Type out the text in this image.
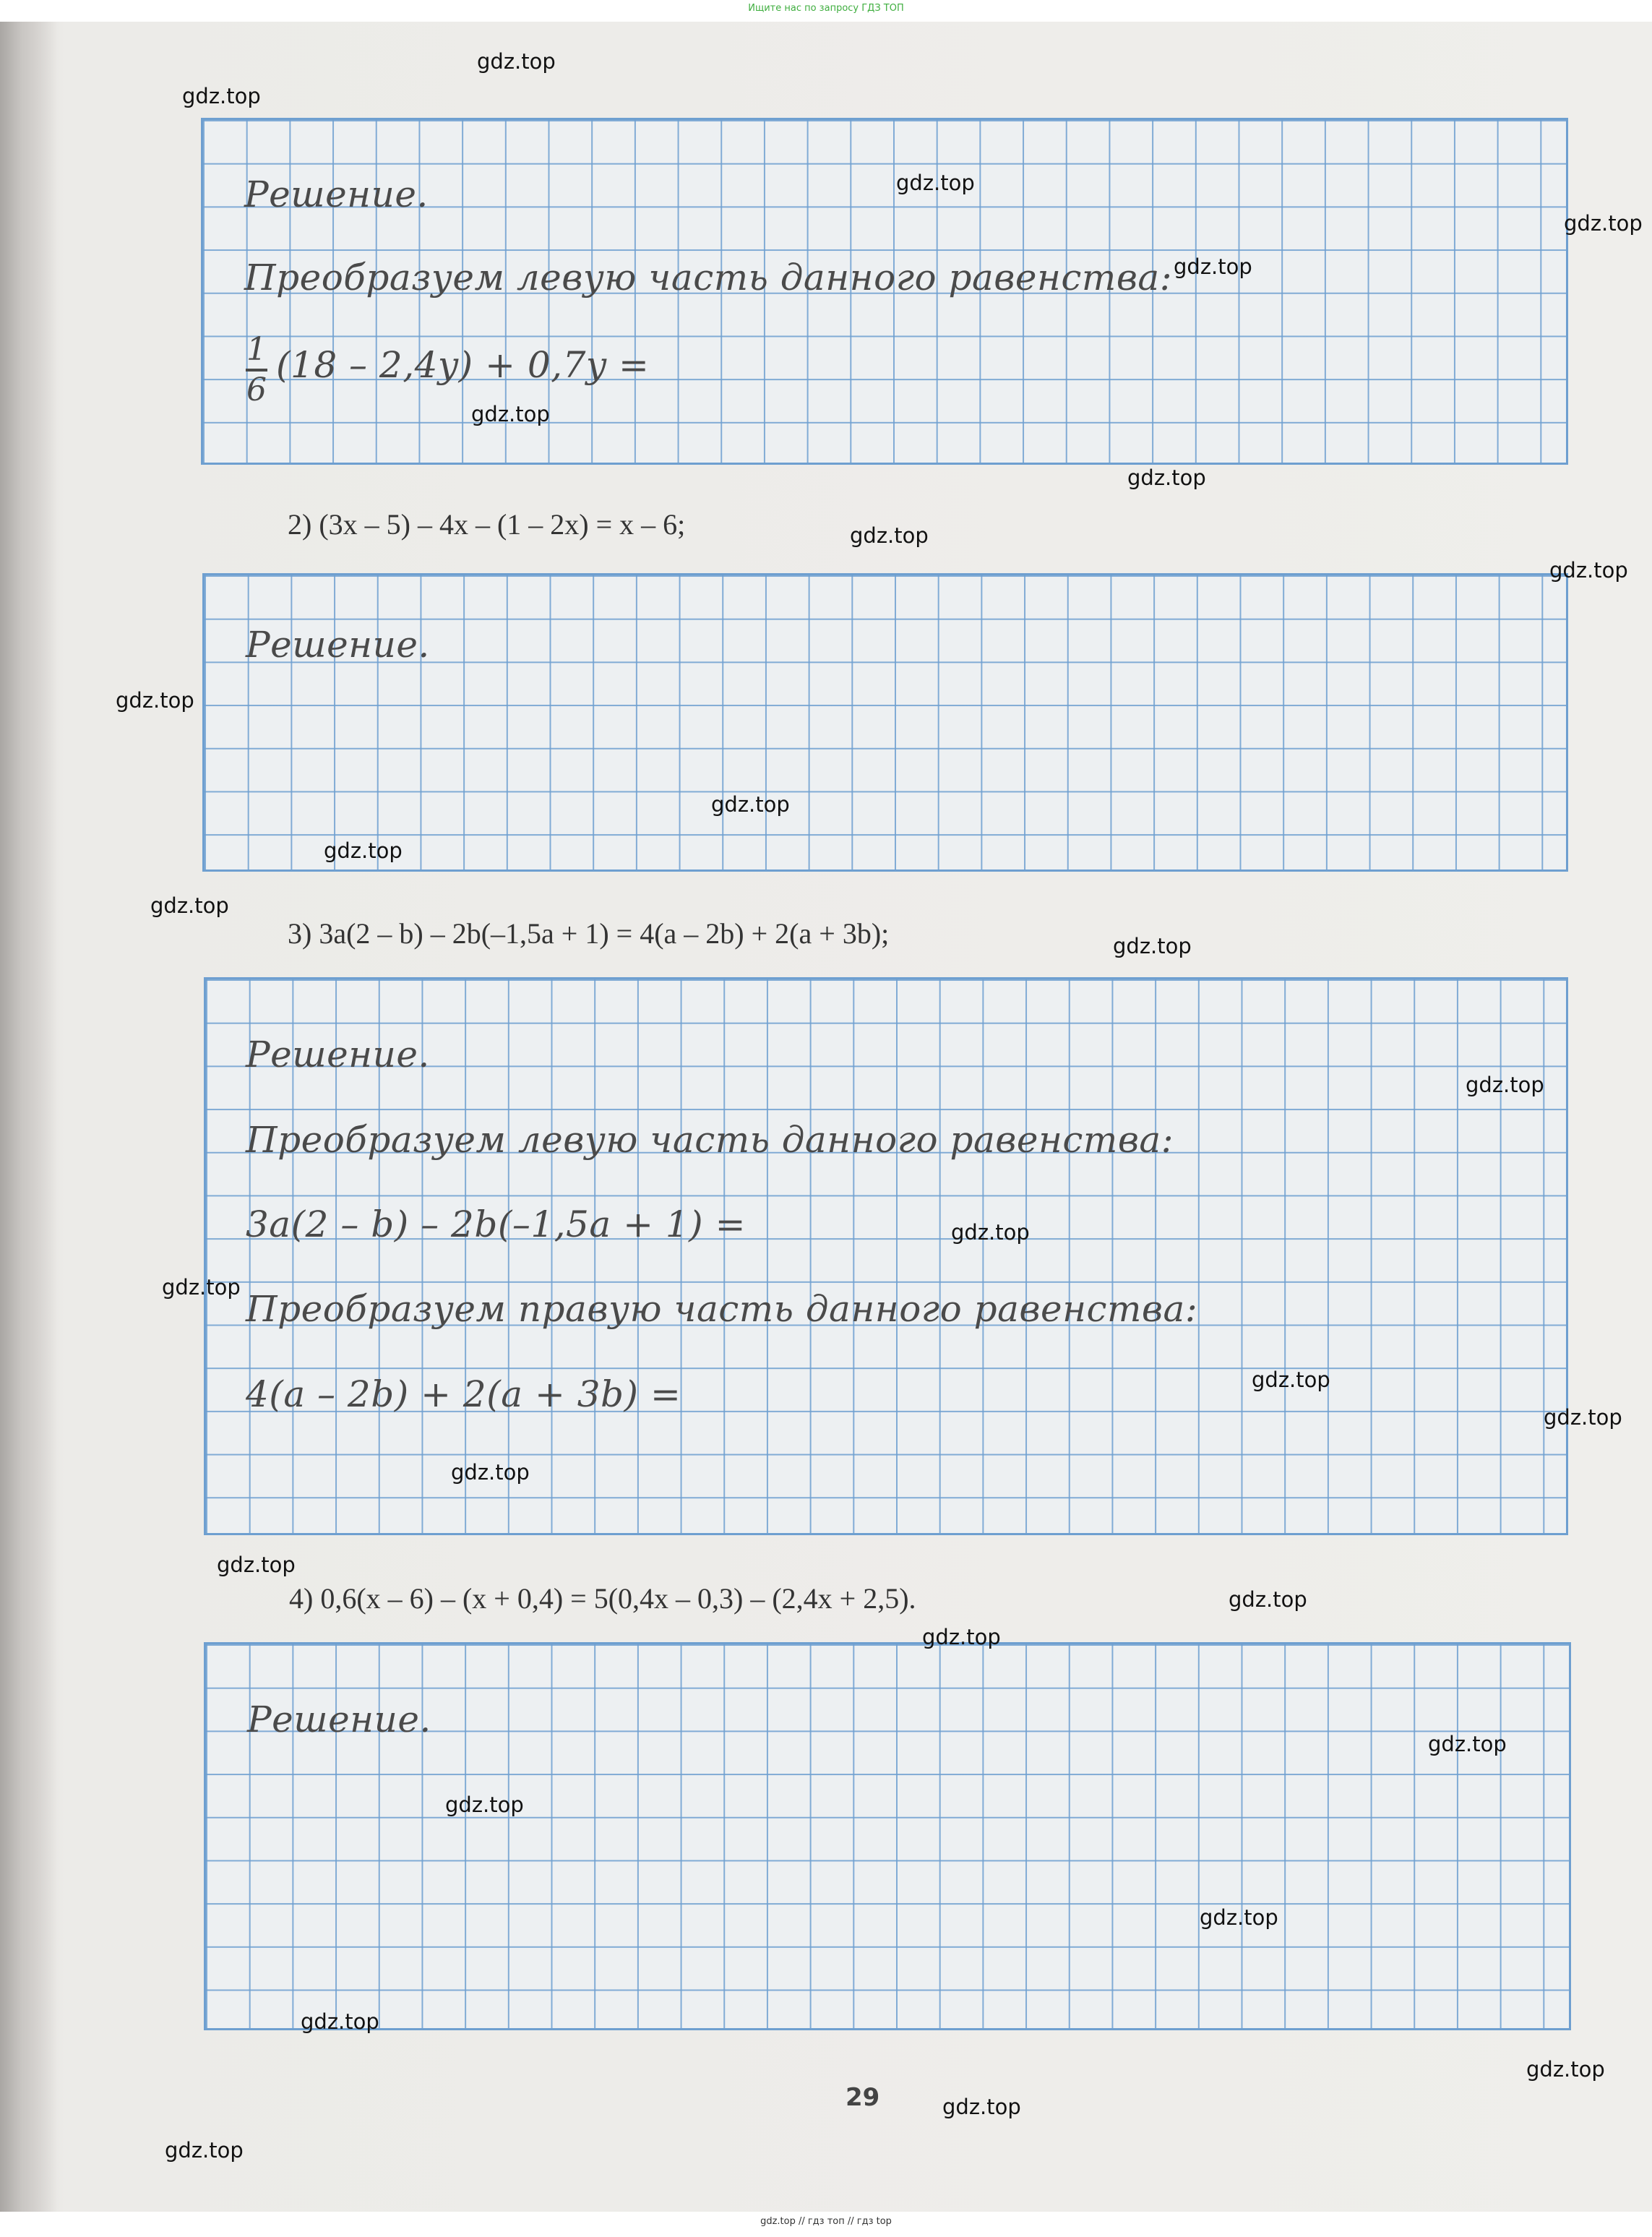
Ищите нас по запросу ГДЗ ТОП
Решение.
Преобразуем левую часть данного равенства:
1
6
(18 – 2,4y) + 0,7y =
2) (3x – 5) – 4x – (1 – 2x) = x – 6;
Решение.
3) 3a(2 – b) – 2b(–1,5a + 1) = 4(a – 2b) + 2(a + 3b);
Решение.
Преобразуем левую часть данного равенства:
3a(2 – b) – 2b(–1,5a + 1) =
Преобразуем правую часть данного равенства:
4(a – 2b) + 2(a + 3b) =
4) 0,6(x – 6) – (x + 0,4) = 5(0,4x – 0,3) – (2,4x + 2,5).
Решение.
29
gdz.top
gdz.top
gdz.top
gdz.top
gdz.top
gdz.top
gdz.top
gdz.top
gdz.top
gdz.top
gdz.top
gdz.top
gdz.top
gdz.top
gdz.top
gdz.top
gdz.top
gdz.top
gdz.top
gdz.top
gdz.top
gdz.top
gdz.top
gdz.top
gdz.top
gdz.top
gdz.top
gdz.top
gdz.top
gdz.top
gdz.top // гдз топ // гдз top
